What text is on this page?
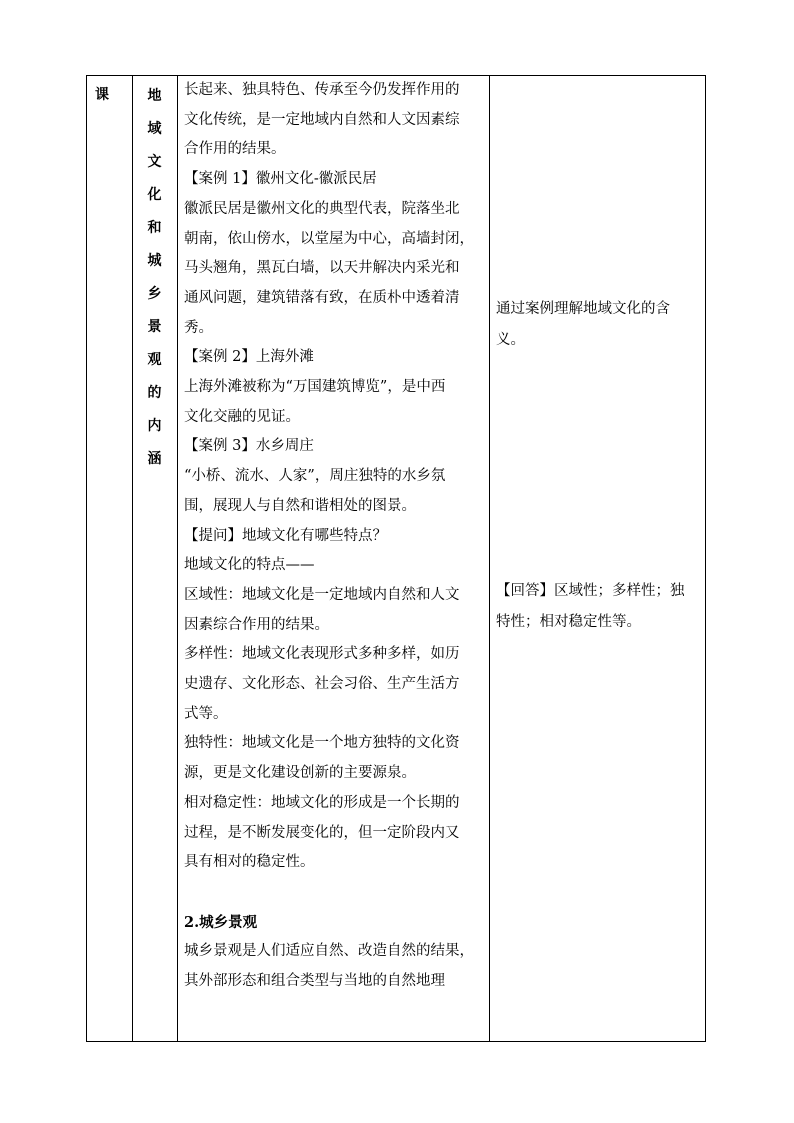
课	地
域
文
化
和
城
乡
景
观
的
内
涵

长起来、独具特色、传承至今仍发挥作用的

文化传统，是一定地域内自然和人文因素综

合作用的结果。

【案例 1】徽州文化-徽派民居

徽派民居是徽州文化的典型代表，院落坐北

朝南，依山傍水，以堂屋为中心，高墙封闭，

马头翘角，黑瓦白墙，以天井解决内采光和

通风问题，建筑错落有致，在质朴中透着清

秀。

【案例 2】上海外滩

上海外滩被称为“万国建筑博览”，是中西

文化交融的见证。

【案例 3】水乡周庄

“小桥、流水、人家”，周庄独特的水乡氛

围，展现人与自然和谐相处的图景。

【提问】地域文化有哪些特点？

地域文化的特点——

区域性：地域文化是一定地域内自然和人文

因素综合作用的结果。

多样性：地域文化表现形式多种多样，如历

史遗存、文化形态、社会习俗、生产生活方

式等。

独特性：地域文化是一个地方独特的文化资

源，更是文化建设创新的主要源泉。

相对稳定性：地域文化的形成是一个长期的

过程，是不断发展变化的，但一定阶段内又

具有相对的稳定性。

2.城乡景观

城乡景观是人们适应自然、改造自然的结果，

其外部形态和组合类型与当地的自然地理

通过案例理解地域文化的含

义。

【回答】区域性；多样性；独

特性；相对稳定性等。
